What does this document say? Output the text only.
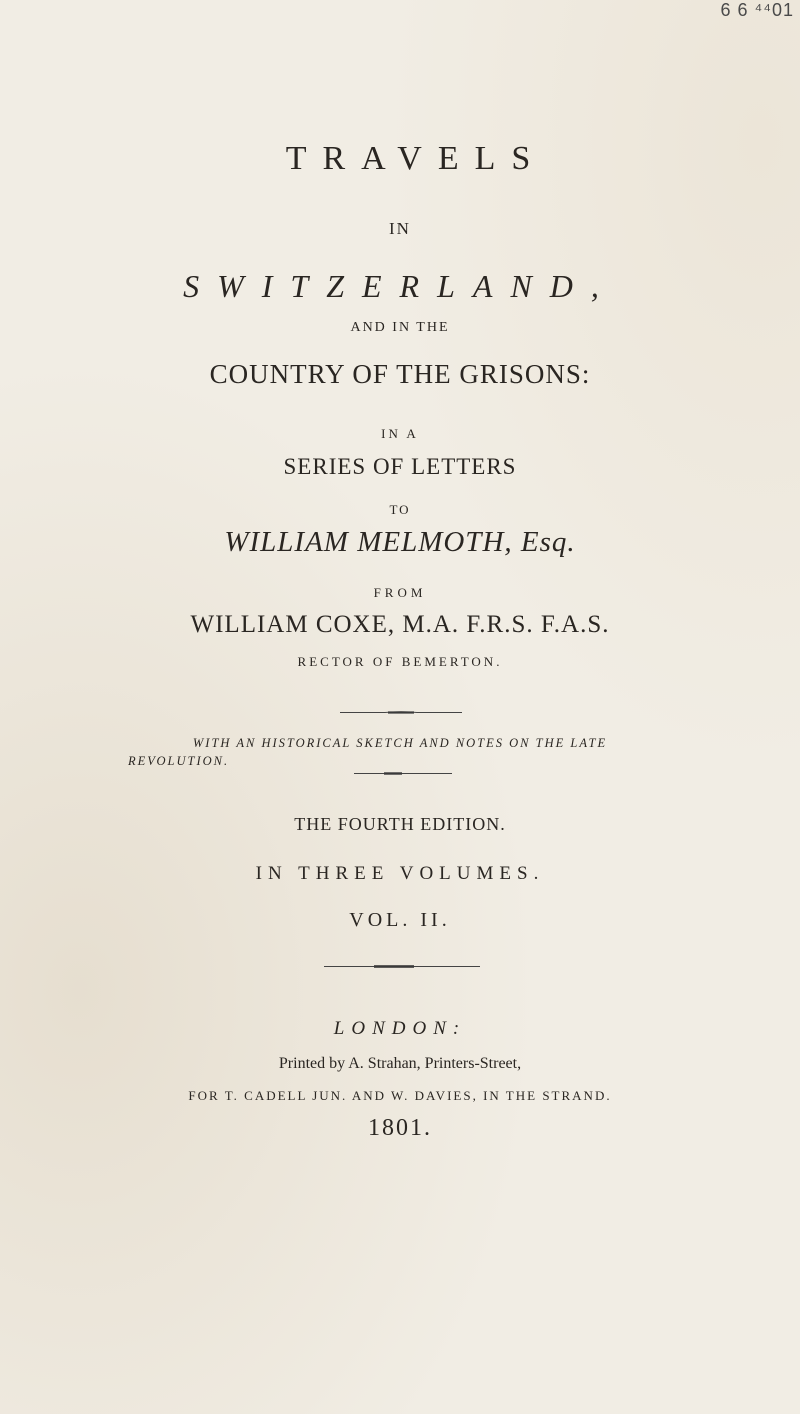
6 6 ⁴⁴01
TRAVELS
IN
SWITZERLAND,
AND IN THE
COUNTRY OF THE GRISONS:
IN A
SERIES OF LETTERS
TO
WILLIAM MELMOTH, Esq.
FROM
WILLIAM COXE, M.A. F.R.S. F.A.S.
RECTOR OF BEMERTON.
WITH AN HISTORICAL SKETCH AND NOTES ON THE LATE
REVOLUTION.
THE FOURTH EDITION.
IN THREE VOLUMES.
VOL. II.
LONDON:
Printed by A. Strahan, Printers-Street,
FOR T. CADELL JUN. AND W. DAVIES, IN THE STRAND.
1801.
